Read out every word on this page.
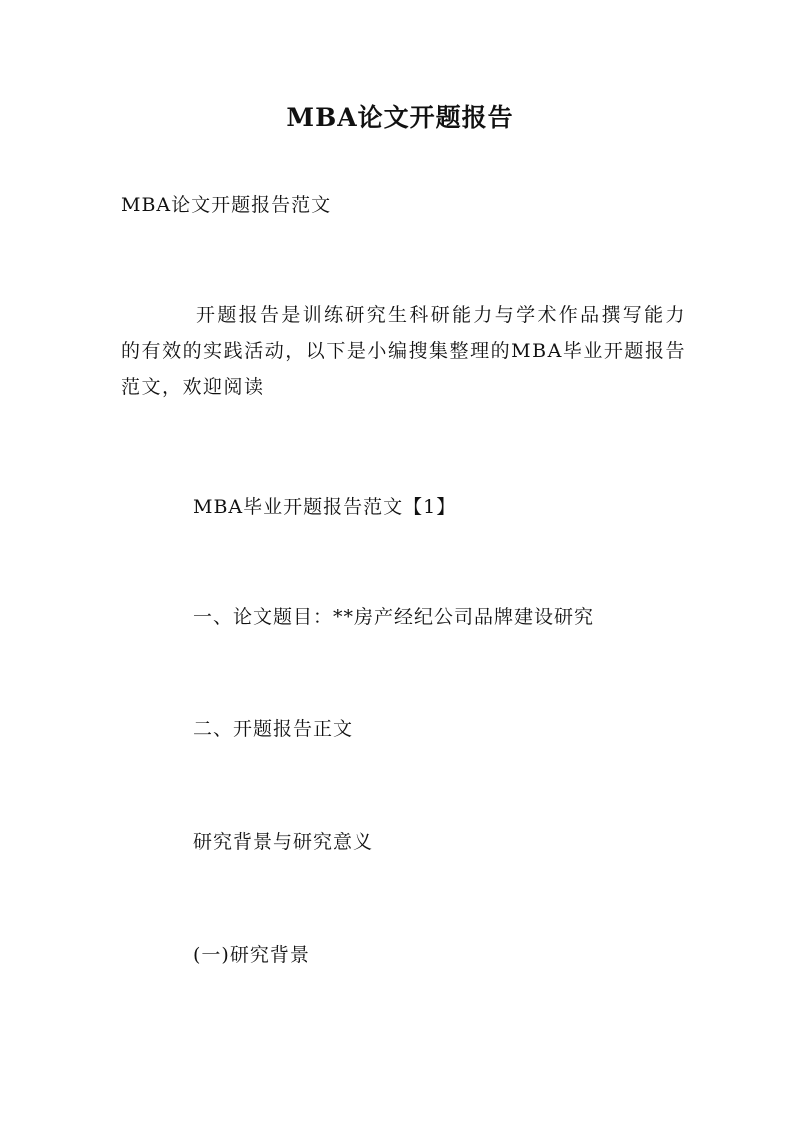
MBA论文开题报告
MBA论文开题报告范文
开题报告是训练研究生科研能力与学术作品撰写能力的有效的实践活动，以下是小编搜集整理的MBA毕业开题报告范文，欢迎阅读
MBA毕业开题报告范文【1】
一、论文题目：**房产经纪公司品牌建设研究
二、开题报告正文
研究背景与研究意义
(一)研究背景
